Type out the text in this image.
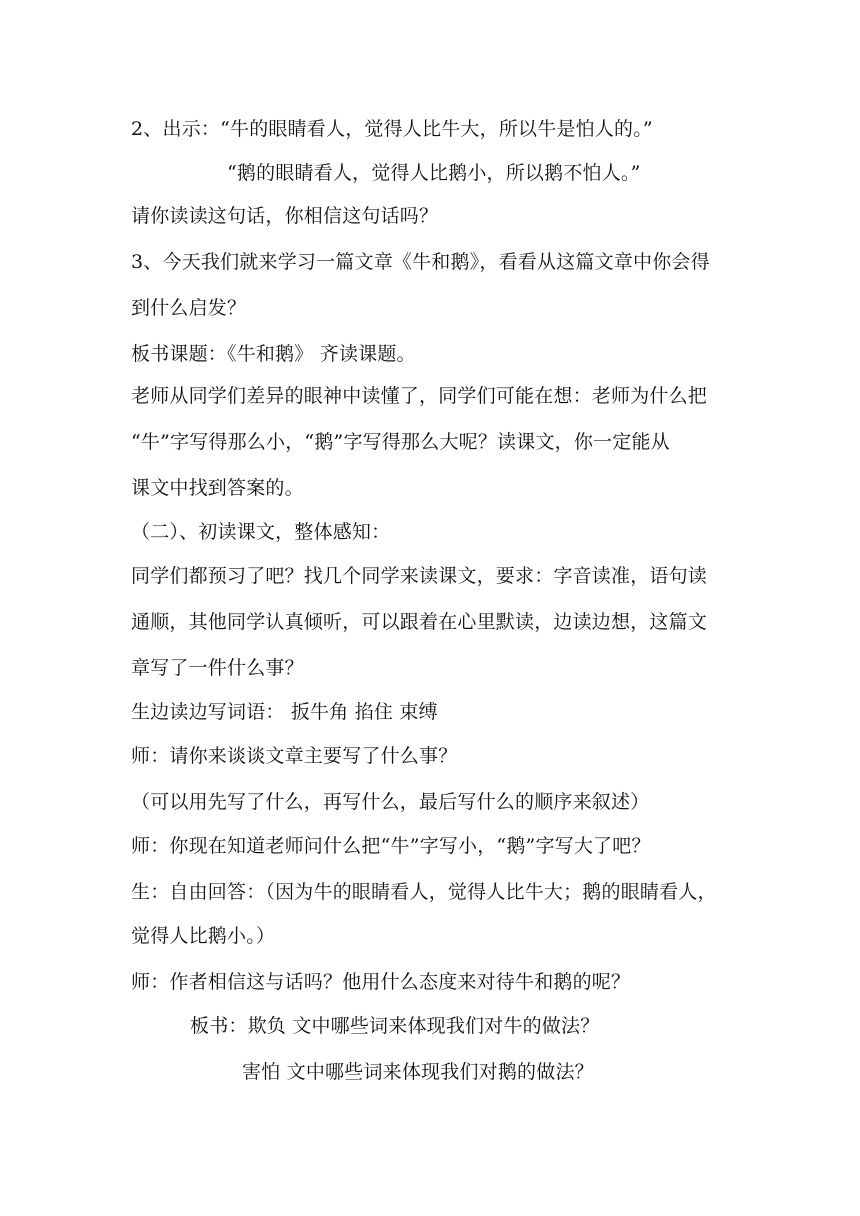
2、出示：“牛的眼睛看人，觉得人比牛大，所以牛是怕人的。”
“鹅的眼睛看人，觉得人比鹅小，所以鹅不怕人。”
请你读读这句话，你相信这句话吗？
3、今天我们就来学习一篇文章《牛和鹅》，看看从这篇文章中你会得
到什么启发？
板书课题：《牛和鹅》 齐读课题。
老师从同学们差异的眼神中读懂了，同学们可能在想：老师为什么把
“牛”字写得那么小，“鹅”字写得那么大呢？读课文，你一定能从
课文中找到答案的。
（二）、初读课文，整体感知：
同学们都预习了吧？找几个同学来读课文，要求：字音读准，语句读
通顺，其他同学认真倾听，可以跟着在心里默读，边读边想，这篇文
章写了一件什么事？
生边读边写词语： 扳牛角 掐住 束缚
师：请你来谈谈文章主要写了什么事？
（可以用先写了什么，再写什么，最后写什么的顺序来叙述）
师：你现在知道老师问什么把“牛”字写小，“鹅”字写大了吧？
生：自由回答：（因为牛的眼睛看人，觉得人比牛大；鹅的眼睛看人，
觉得人比鹅小。）
师：作者相信这与话吗？他用什么态度来对待牛和鹅的呢？
板书：欺负 文中哪些词来体现我们对牛的做法？
害怕 文中哪些词来体现我们对鹅的做法？
